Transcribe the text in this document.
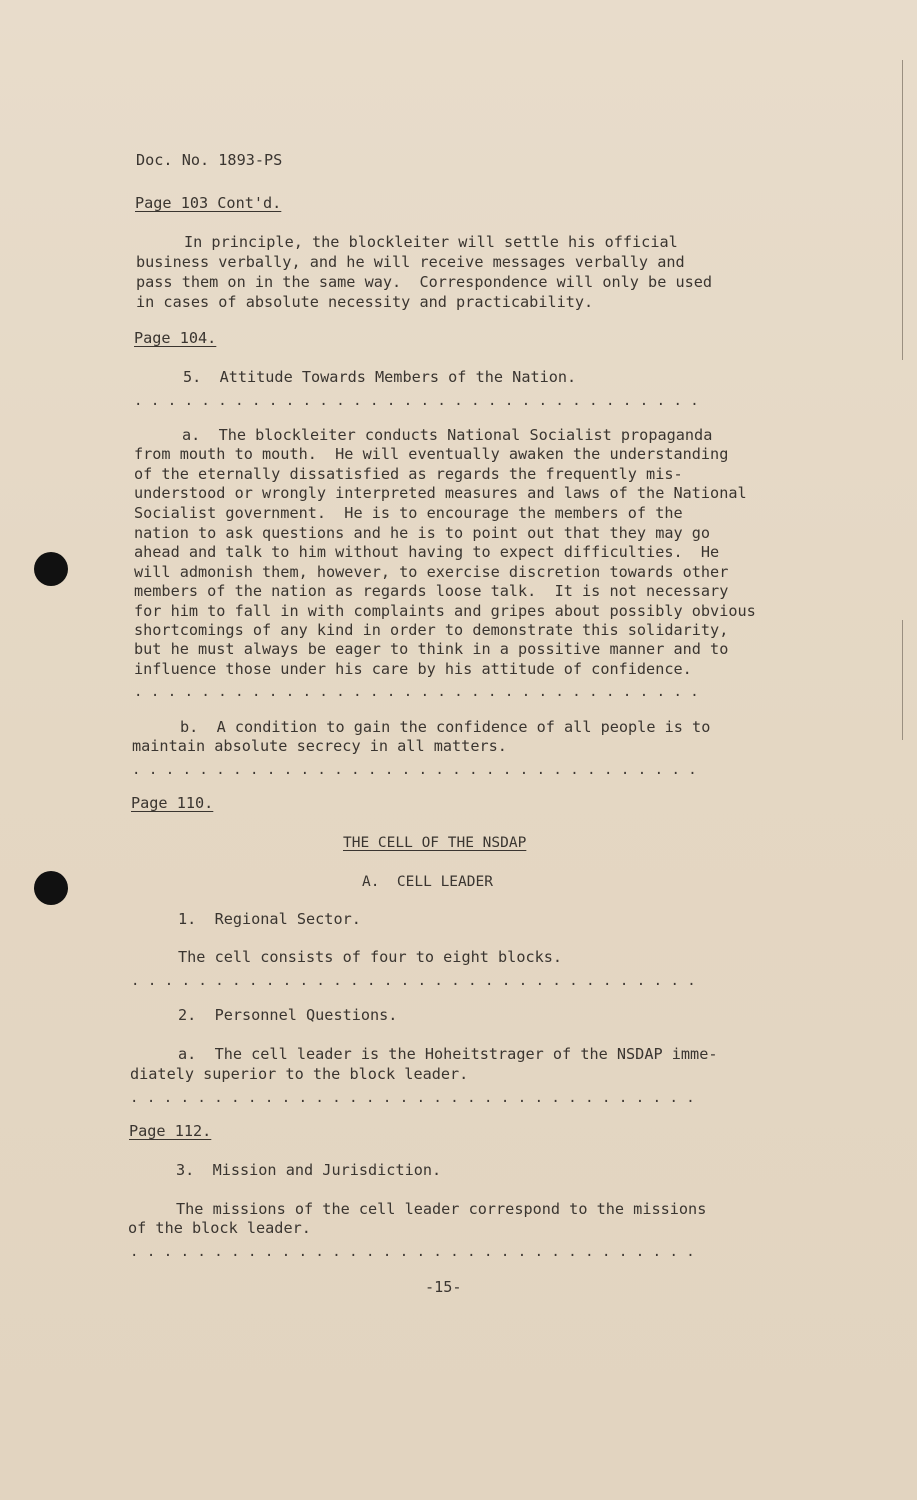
Doc. No. 1893-PS
Page 103 Cont'd.
In principle, the blockleiter will settle his official
business verbally, and he will receive messages verbally and
pass them on in the same way.  Correspondence will only be used
in cases of absolute necessity and practicability.
Page 104.
5.  Attitude Towards Members of the Nation.
. . . . . . . . . . . . . . . . . . . . . . . . . . . . . . . . . .
a.  The blockleiter conducts National Socialist propaganda
from mouth to mouth.  He will eventually awaken the understanding
of the eternally dissatisfied as regards the frequently mis-
understood or wrongly interpreted measures and laws of the National
Socialist government.  He is to encourage the members of the
nation to ask questions and he is to point out that they may go
ahead and talk to him without having to expect difficulties.  He
will admonish them, however, to exercise discretion towards other
members of the nation as regards loose talk.  It is not necessary
for him to fall in with complaints and gripes about possibly obvious
shortcomings of any kind in order to demonstrate this solidarity,
but he must always be eager to think in a possitive manner and to
influence those under his care by his attitude of confidence.
. . . . . . . . . . . . . . . . . . . . . . . . . . . . . . . . . .
b.  A condition to gain the confidence of all people is to
maintain absolute secrecy in all matters.
. . . . . . . . . . . . . . . . . . . . . . . . . . . . . . . . . .
Page 110.
THE CELL OF THE NSDAP
A.  CELL LEADER
1.  Regional Sector.
The cell consists of four to eight blocks.
. . . . . . . . . . . . . . . . . . . . . . . . . . . . . . . . . .
2.  Personnel Questions.
a.  The cell leader is the Hoheitstrager of the NSDAP imme-
diately superior to the block leader.
. . . . . . . . . . . . . . . . . . . . . . . . . . . . . . . . . .
Page 112.
3.  Mission and Jurisdiction.
The missions of the cell leader correspond to the missions
of the block leader.
. . . . . . . . . . . . . . . . . . . . . . . . . . . . . . . . . .
-15-
